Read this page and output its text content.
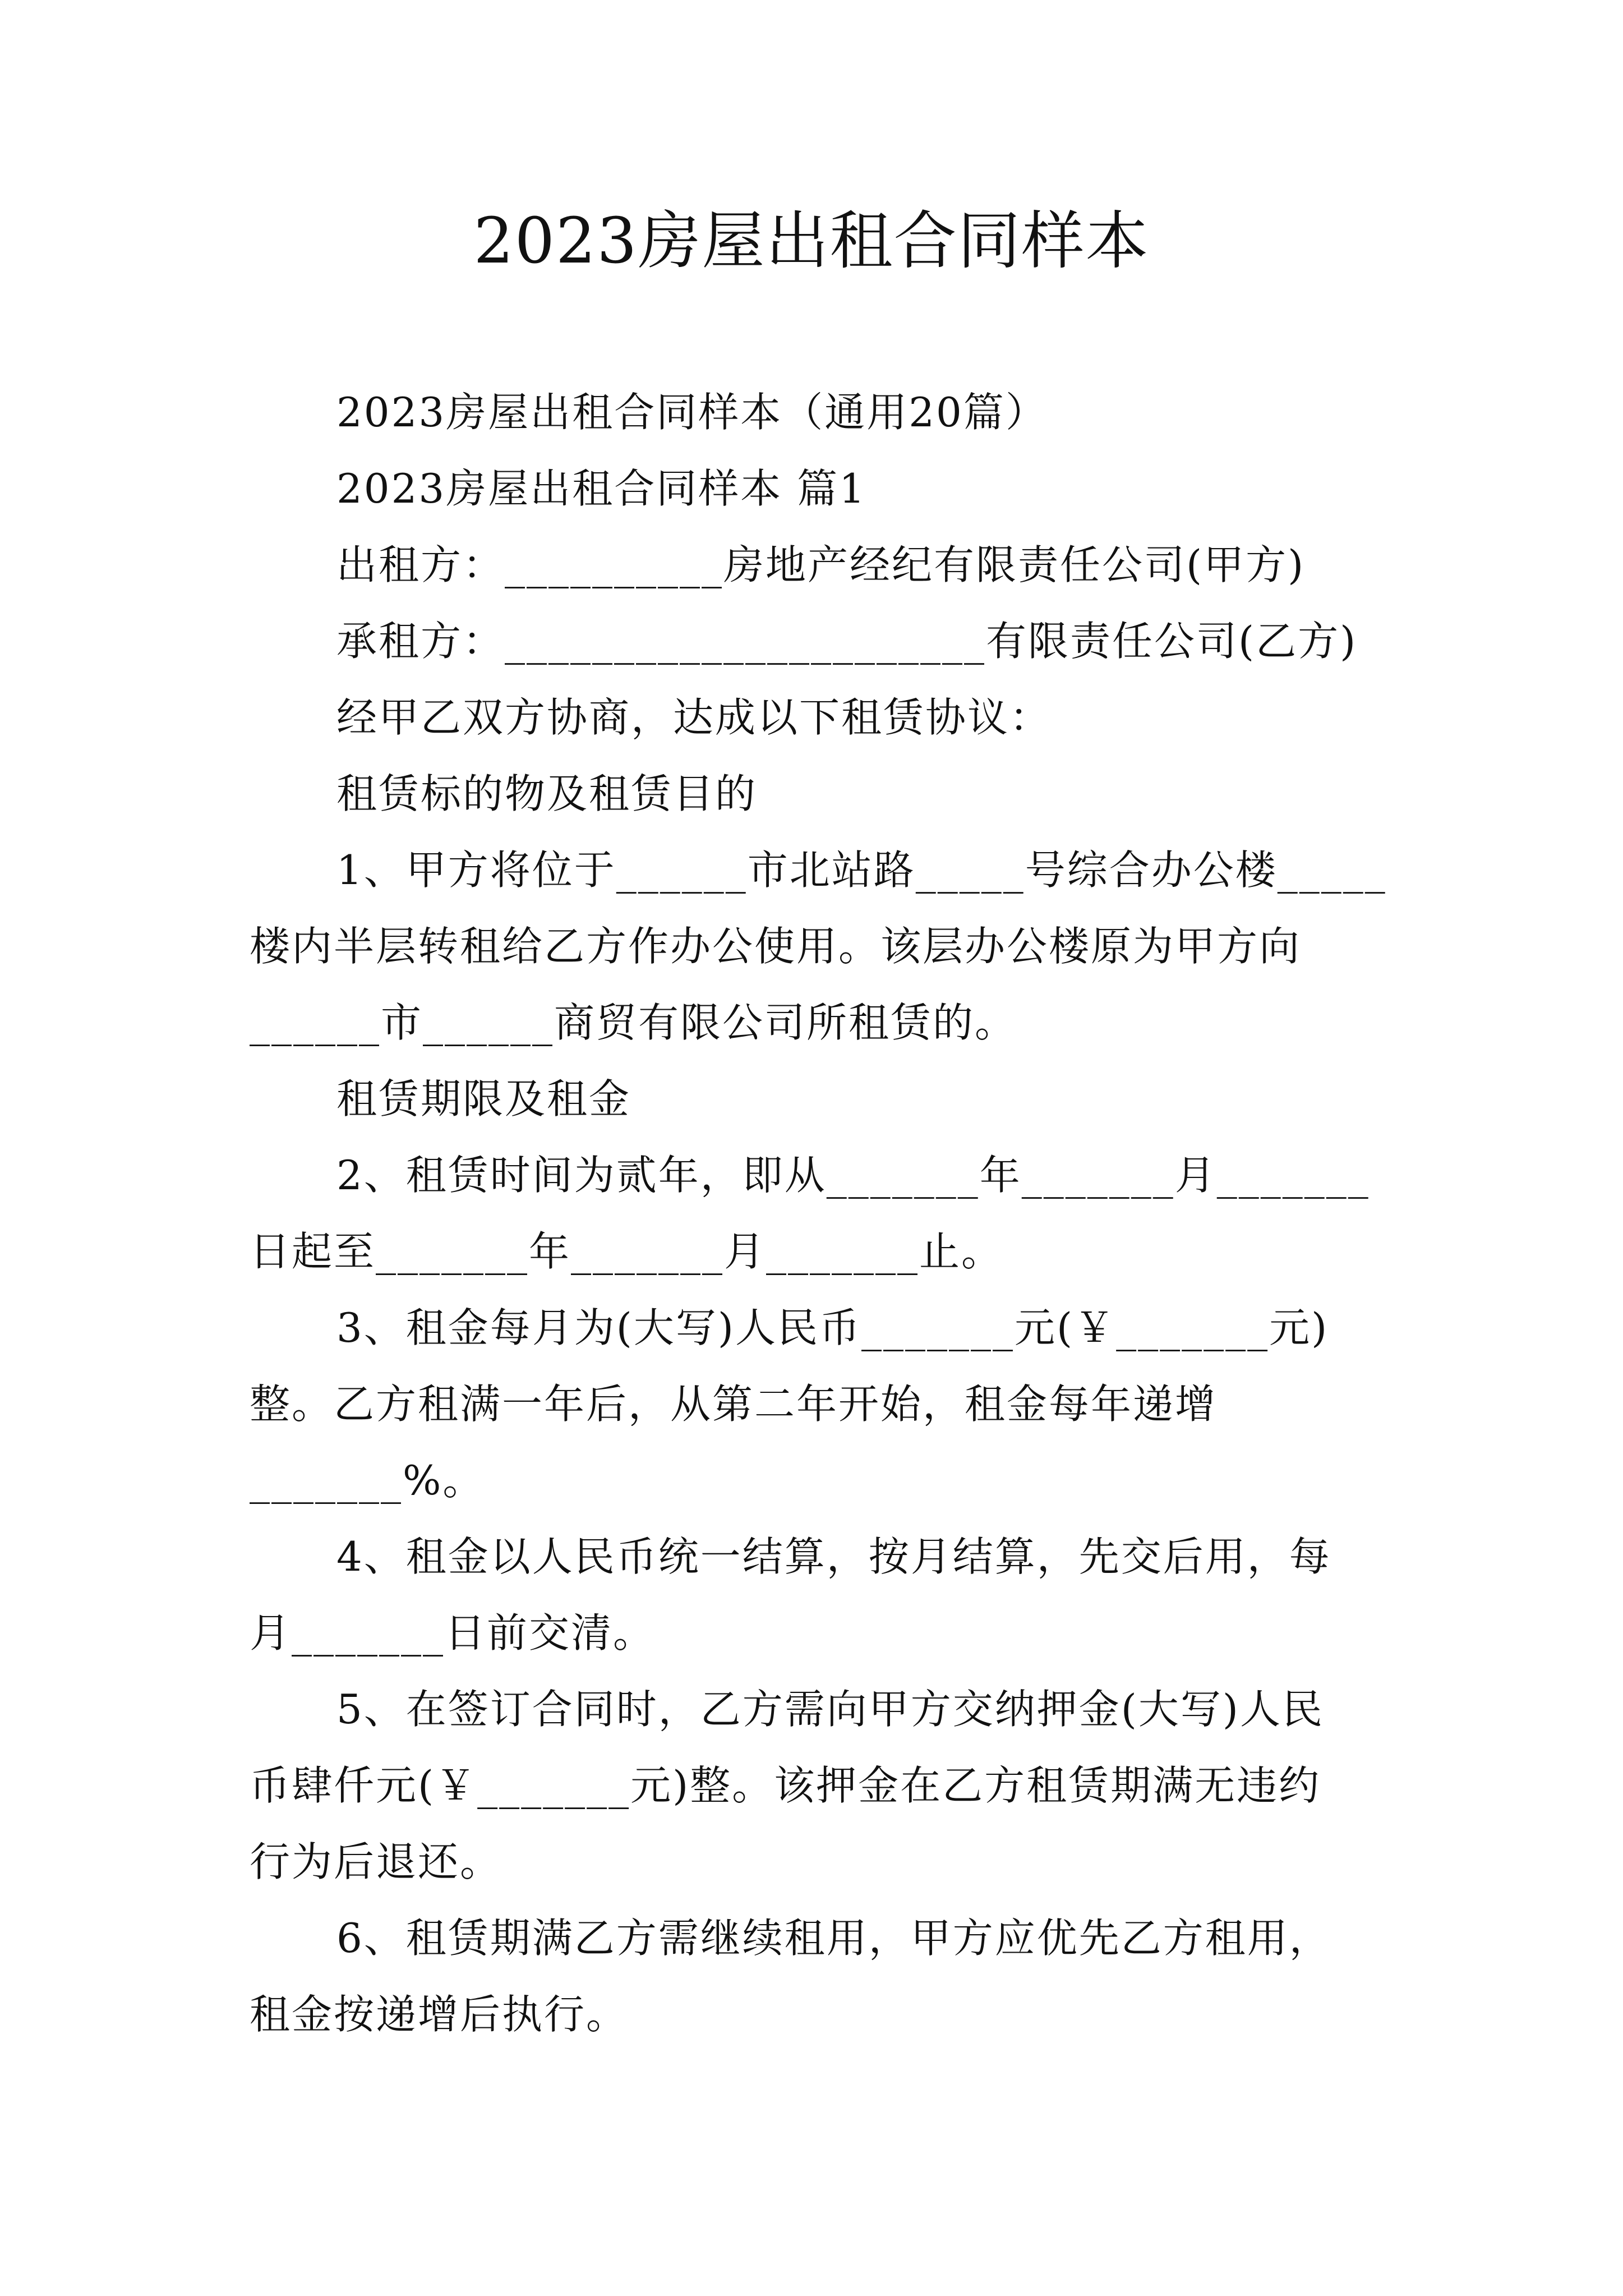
2023房屋出租合同样本
2023房屋出租合同样本（通用20篇）
2023房屋出租合同样本 篇1
出租方：__________房地产经纪有限责任公司(甲方)
承租方：______________________有限责任公司(乙方)
经甲乙双方协商，达成以下租赁协议：
租赁标的物及租赁目的
1、甲方将位于______市北站路_____号综合办公楼_____
楼内半层转租给乙方作办公使用。该层办公楼原为甲方向
______市______商贸有限公司所租赁的。
租赁期限及租金
2、租赁时间为贰年，即从_______年_______月_______
日起至_______年_______月_______止。
3、租金每月为(大写)人民币_______元(￥_______元)
整。乙方租满一年后，从第二年开始，租金每年递增
_______%。
4、租金以人民币统一结算，按月结算，先交后用，每
月_______日前交清。
5、在签订合同时，乙方需向甲方交纳押金(大写)人民
币肆仟元(￥_______元)整。该押金在乙方租赁期满无违约
行为后退还。
6、租赁期满乙方需继续租用，甲方应优先乙方租用，
租金按递增后执行。
